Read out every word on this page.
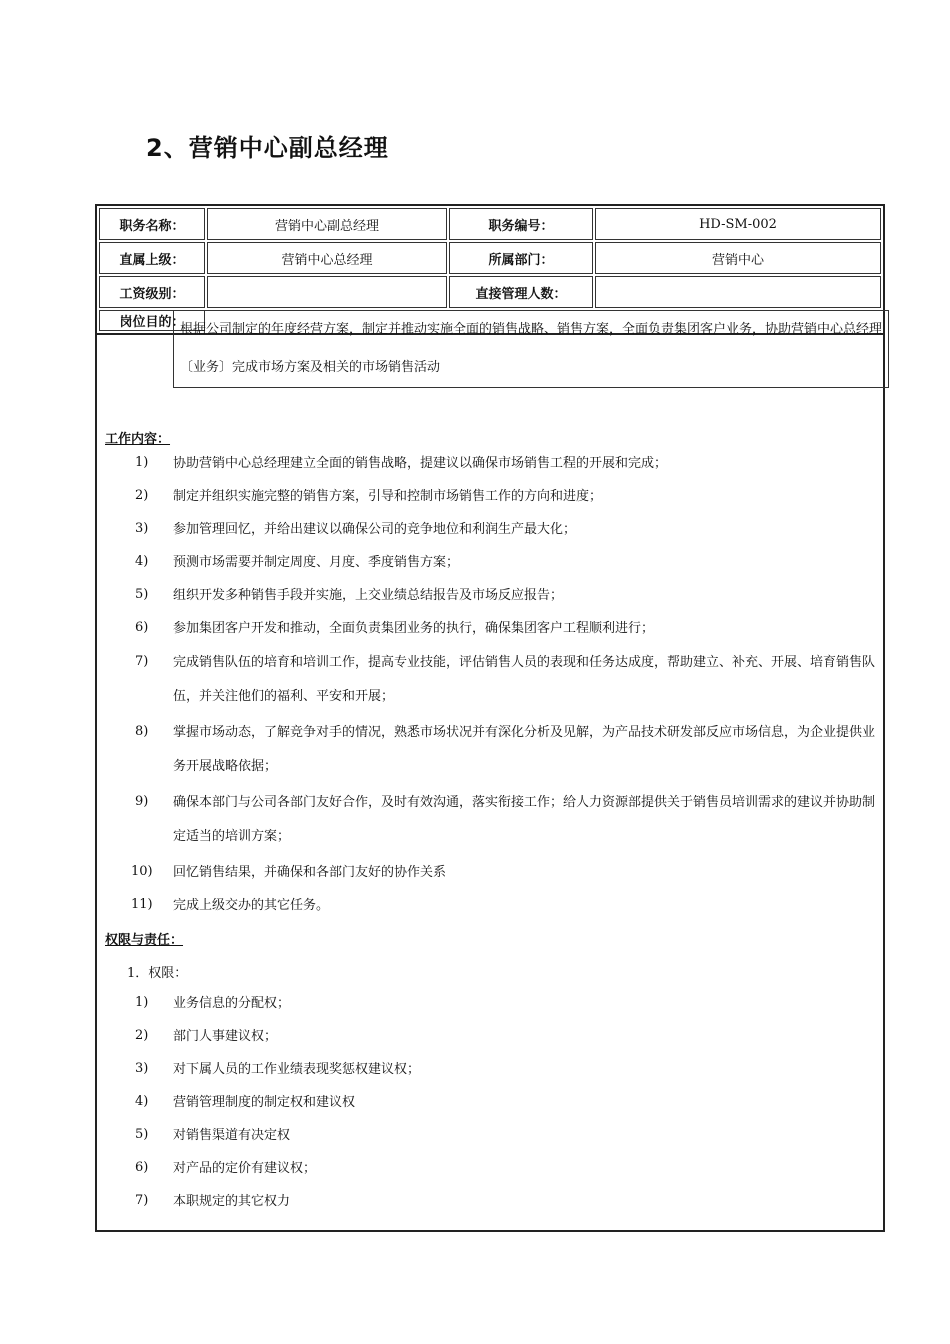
2、营销中心副总经理
职务名称：	营销中心副总经理	职务编号：	HD-SM-002
直属上级：	营销中心总经理	所属部门：	营销中心
工资级别：		直接管理人数：	
岗位目的：	
根据公司制定的年度经营方案，制定并推动实施全面的销售战略、销售方案，全面负责集团客户业务，协助营销中心总经理〔业务〕完成市场方案及相关的市场销售活动
工作内容：
1)	协助营销中心总经理建立全面的销售战略，提建议以确保市场销售工程的开展和完成；
2)	制定并组织实施完整的销售方案，引导和控制市场销售工作的方向和进度；
3)	参加管理回忆，并给出建议以确保公司的竞争地位和利润生产最大化；
4)	预测市场需要并制定周度、月度、季度销售方案；
5)	组织开发多种销售手段并实施，上交业绩总结报告及市场反应报告；
6)	参加集团客户开发和推动，全面负责集团业务的执行，确保集团客户工程顺利进行；
7)	完成销售队伍的培育和培训工作，提高专业技能，评估销售人员的表现和任务达成度，帮助建立、补充、开展、培育销售队伍，并关注他们的福利、平安和开展；
8)	掌握市场动态，了解竞争对手的情况，熟悉市场状况并有深化分析及见解，为产品技术研发部反应市场信息，为企业提供业务开展战略依据；
9)	确保本部门与公司各部门友好合作，及时有效沟通，落实衔接工作；给人力资源部提供关于销售员培训需求的建议并协助制定适当的培训方案；
10)	回忆销售结果，并确保和各部门友好的协作关系
11)	完成上级交办的其它任务。
权限与责任：
1．权限：
1)	业务信息的分配权；
2)	部门人事建议权；
3)	对下属人员的工作业绩表现奖惩权建议权；
4)	营销管理制度的制定权和建议权
5)	对销售渠道有决定权
6)	对产品的定价有建议权；
7)	本职规定的其它权力
